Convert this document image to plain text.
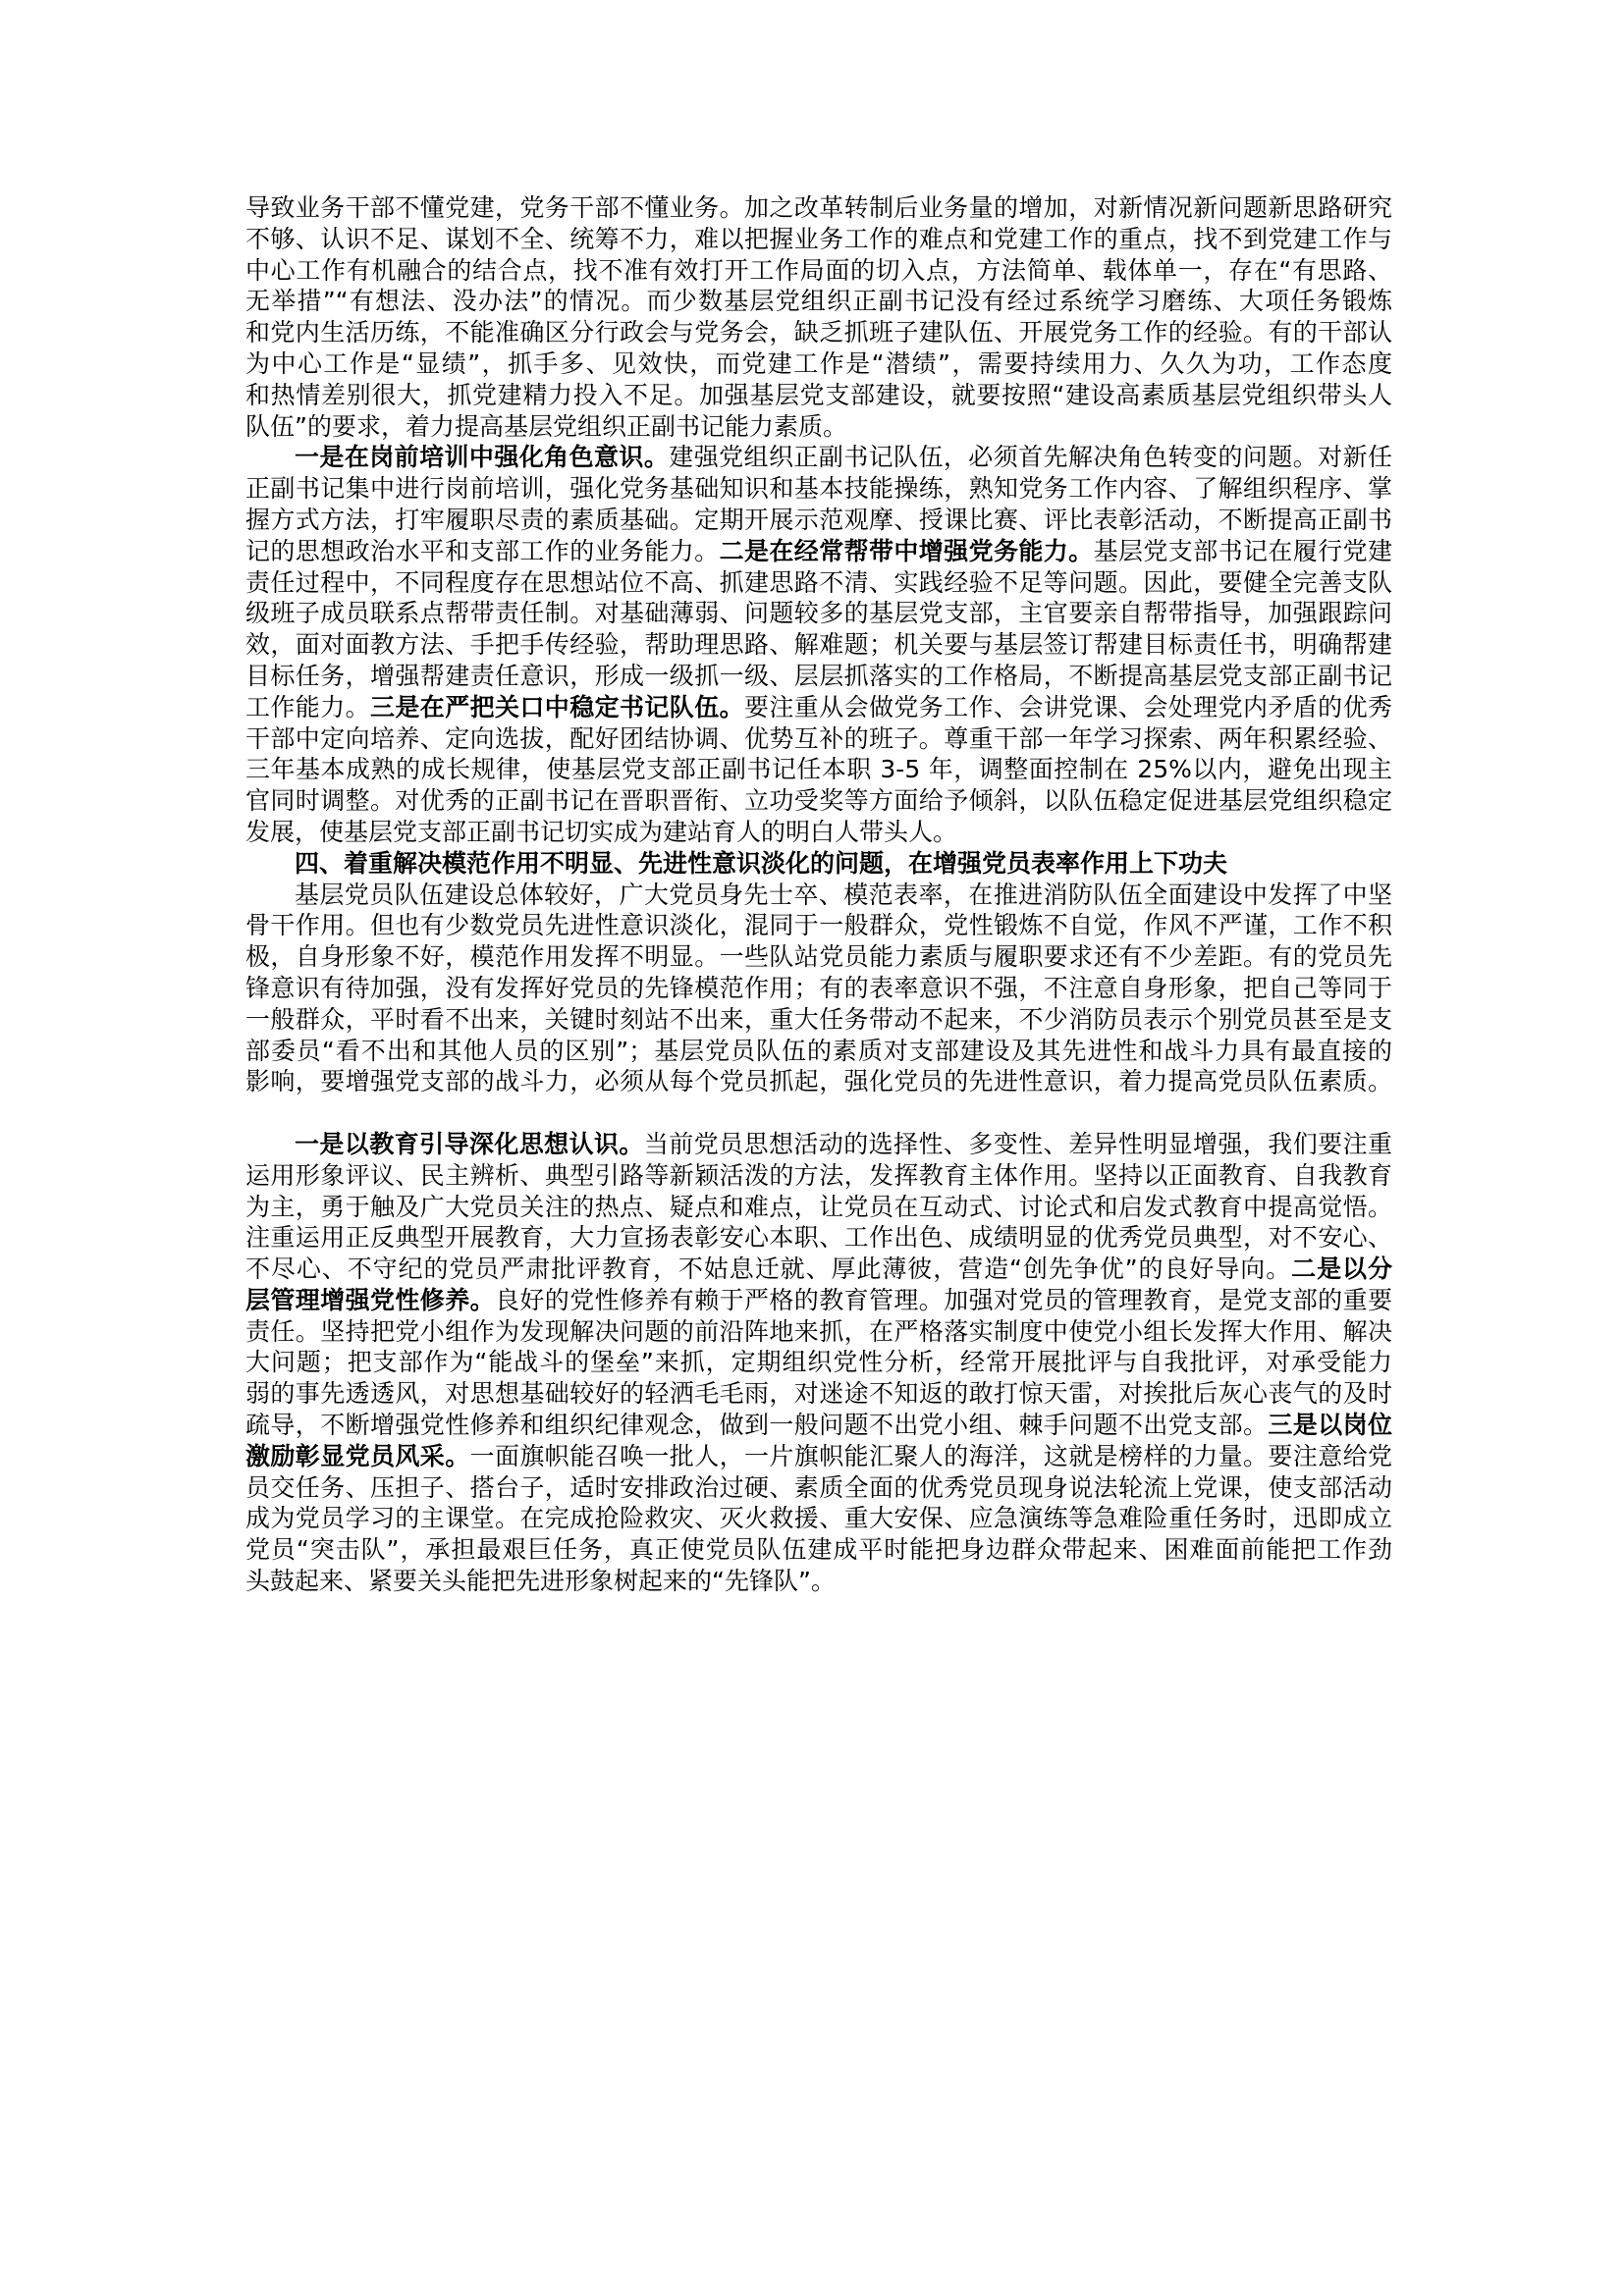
导致业务干部不懂党建，党务干部不懂业务。加之改革转制后业务量的增加，对新情况新问题新思路研究
不够、认识不足、谋划不全、统筹不力，难以把握业务工作的难点和党建工作的重点，找不到党建工作与
中心工作有机融合的结合点，找不准有效打开工作局面的切入点，方法简单、载体单一，存在“有思路、
无举措”“有想法、没办法”的情况。而少数基层党组织正副书记没有经过系统学习磨练、大项任务锻炼
和党内生活历练，不能准确区分行政会与党务会，缺乏抓班子建队伍、开展党务工作的经验。有的干部认
为中心工作是“显绩”，抓手多、见效快，而党建工作是“潜绩”，需要持续用力、久久为功，工作态度
和热情差别很大，抓党建精力投入不足。加强基层党支部建设，就要按照“建设高素质基层党组织带头人
队伍”的要求，着力提高基层党组织正副书记能力素质。
一是在岗前培训中强化角色意识。建强党组织正副书记队伍，必须首先解决角色转变的问题。对新任
正副书记集中进行岗前培训，强化党务基础知识和基本技能操练，熟知党务工作内容、了解组织程序、掌
握方式方法，打牢履职尽责的素质基础。定期开展示范观摩、授课比赛、评比表彰活动，不断提高正副书
记的思想政治水平和支部工作的业务能力。二是在经常帮带中增强党务能力。基层党支部书记在履行党建
责任过程中，不同程度存在思想站位不高、抓建思路不清、实践经验不足等问题。因此，要健全完善支队
级班子成员联系点帮带责任制。对基础薄弱、问题较多的基层党支部，主官要亲自帮带指导，加强跟踪问
效，面对面教方法、手把手传经验，帮助理思路、解难题；机关要与基层签订帮建目标责任书，明确帮建
目标任务，增强帮建责任意识，形成一级抓一级、层层抓落实的工作格局，不断提高基层党支部正副书记
工作能力。三是在严把关口中稳定书记队伍。要注重从会做党务工作、会讲党课、会处理党内矛盾的优秀
干部中定向培养、定向选拔，配好团结协调、优势互补的班子。尊重干部一年学习探索、两年积累经验、
三年基本成熟的成长规律，使基层党支部正副书记任本职 3-5 年，调整面控制在 25%以内，避免出现主
官同时调整。对优秀的正副书记在晋职晋衔、立功受奖等方面给予倾斜，以队伍稳定促进基层党组织稳定
发展，使基层党支部正副书记切实成为建站育人的明白人带头人。
四、着重解决模范作用不明显、先进性意识淡化的问题，在增强党员表率作用上下功夫
基层党员队伍建设总体较好，广大党员身先士卒、模范表率，在推进消防队伍全面建设中发挥了中坚
骨干作用。但也有少数党员先进性意识淡化，混同于一般群众，党性锻炼不自觉，作风不严谨，工作不积
极，自身形象不好，模范作用发挥不明显。一些队站党员能力素质与履职要求还有不少差距。有的党员先
锋意识有待加强，没有发挥好党员的先锋模范作用；有的表率意识不强，不注意自身形象，把自己等同于
一般群众，平时看不出来，关键时刻站不出来，重大任务带动不起来，不少消防员表示个别党员甚至是支
部委员“看不出和其他人员的区别”；基层党员队伍的素质对支部建设及其先进性和战斗力具有最直接的
影响，要增强党支部的战斗力，必须从每个党员抓起，强化党员的先进性意识，着力提高党员队伍素质。
一是以教育引导深化思想认识。当前党员思想活动的选择性、多变性、差异性明显增强，我们要注重
运用形象评议、民主辨析、典型引路等新颖活泼的方法，发挥教育主体作用。坚持以正面教育、自我教育
为主，勇于触及广大党员关注的热点、疑点和难点，让党员在互动式、讨论式和启发式教育中提高觉悟。
注重运用正反典型开展教育，大力宣扬表彰安心本职、工作出色、成绩明显的优秀党员典型，对不安心、
不尽心、不守纪的党员严肃批评教育，不姑息迁就、厚此薄彼，营造“创先争优”的良好导向。二是以分
层管理增强党性修养。良好的党性修养有赖于严格的教育管理。加强对党员的管理教育，是党支部的重要
责任。坚持把党小组作为发现解决问题的前沿阵地来抓，在严格落实制度中使党小组长发挥大作用、解决
大问题；把支部作为“能战斗的堡垒”来抓，定期组织党性分析，经常开展批评与自我批评，对承受能力
弱的事先透透风，对思想基础较好的轻洒毛毛雨，对迷途不知返的敢打惊天雷，对挨批后灰心丧气的及时
疏导，不断增强党性修养和组织纪律观念，做到一般问题不出党小组、棘手问题不出党支部。三是以岗位
激励彰显党员风采。一面旗帜能召唤一批人，一片旗帜能汇聚人的海洋，这就是榜样的力量。要注意给党
员交任务、压担子、搭台子，适时安排政治过硬、素质全面的优秀党员现身说法轮流上党课，使支部活动
成为党员学习的主课堂。在完成抢险救灾、灭火救援、重大安保、应急演练等急难险重任务时，迅即成立
党员“突击队”，承担最艰巨任务，真正使党员队伍建成平时能把身边群众带起来、困难面前能把工作劲
头鼓起来、紧要关头能把先进形象树起来的“先锋队”。
